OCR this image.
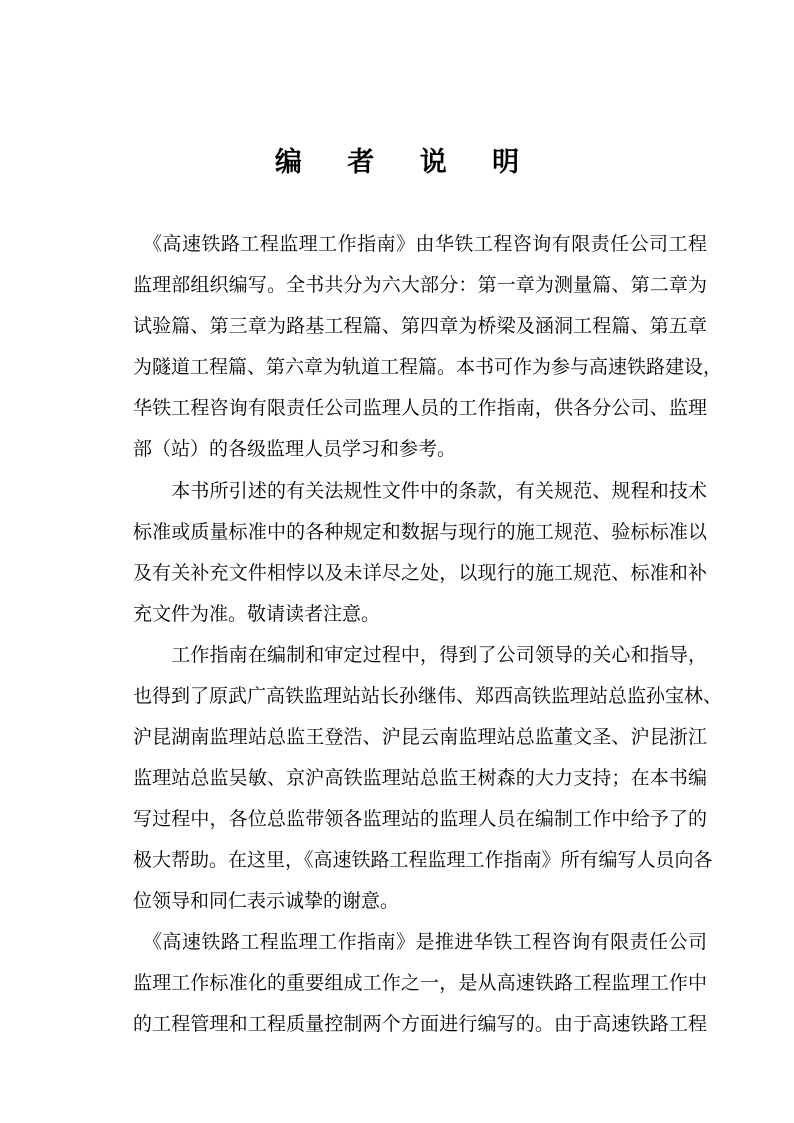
编 者 说 明
　《高速铁路工程监理工作指南》由华铁工程咨询有限责任公司工程
监理部组织编写。全书共分为六大部分：第一章为测量篇、第二章为
试验篇、第三章为路基工程篇、第四章为桥梁及涵洞工程篇、第五章
为隧道工程篇、第六章为轨道工程篇。本书可作为参与高速铁路建设，
华铁工程咨询有限责任公司监理人员的工作指南，供各分公司、监理
部（站）的各级监理人员学习和参考。
　　本书所引述的有关法规性文件中的条款，有关规范、规程和技术
标准或质量标准中的各种规定和数据与现行的施工规范、验标标准以
及有关补充文件相悖以及未详尽之处，以现行的施工规范、标准和补
充文件为准。敬请读者注意。
　　工作指南在编制和审定过程中，得到了公司领导的关心和指导，
也得到了原武广高铁监理站站长孙继伟、郑西高铁监理站总监孙宝林、
沪昆湖南监理站总监王登浩、沪昆云南监理站总监董文圣、沪昆浙江
监理站总监吴敏、京沪高铁监理站总监王树森的大力支持；在本书编
写过程中，各位总监带领各监理站的监理人员在编制工作中给予了的
极大帮助。在这里，《高速铁路工程监理工作指南》所有编写人员向各
位领导和同仁表示诚挚的谢意。
　《高速铁路工程监理工作指南》是推进华铁工程咨询有限责任公司
监理工作标准化的重要组成工作之一，是从高速铁路工程监理工作中
的工程管理和工程质量控制两个方面进行编写的。由于高速铁路工程
